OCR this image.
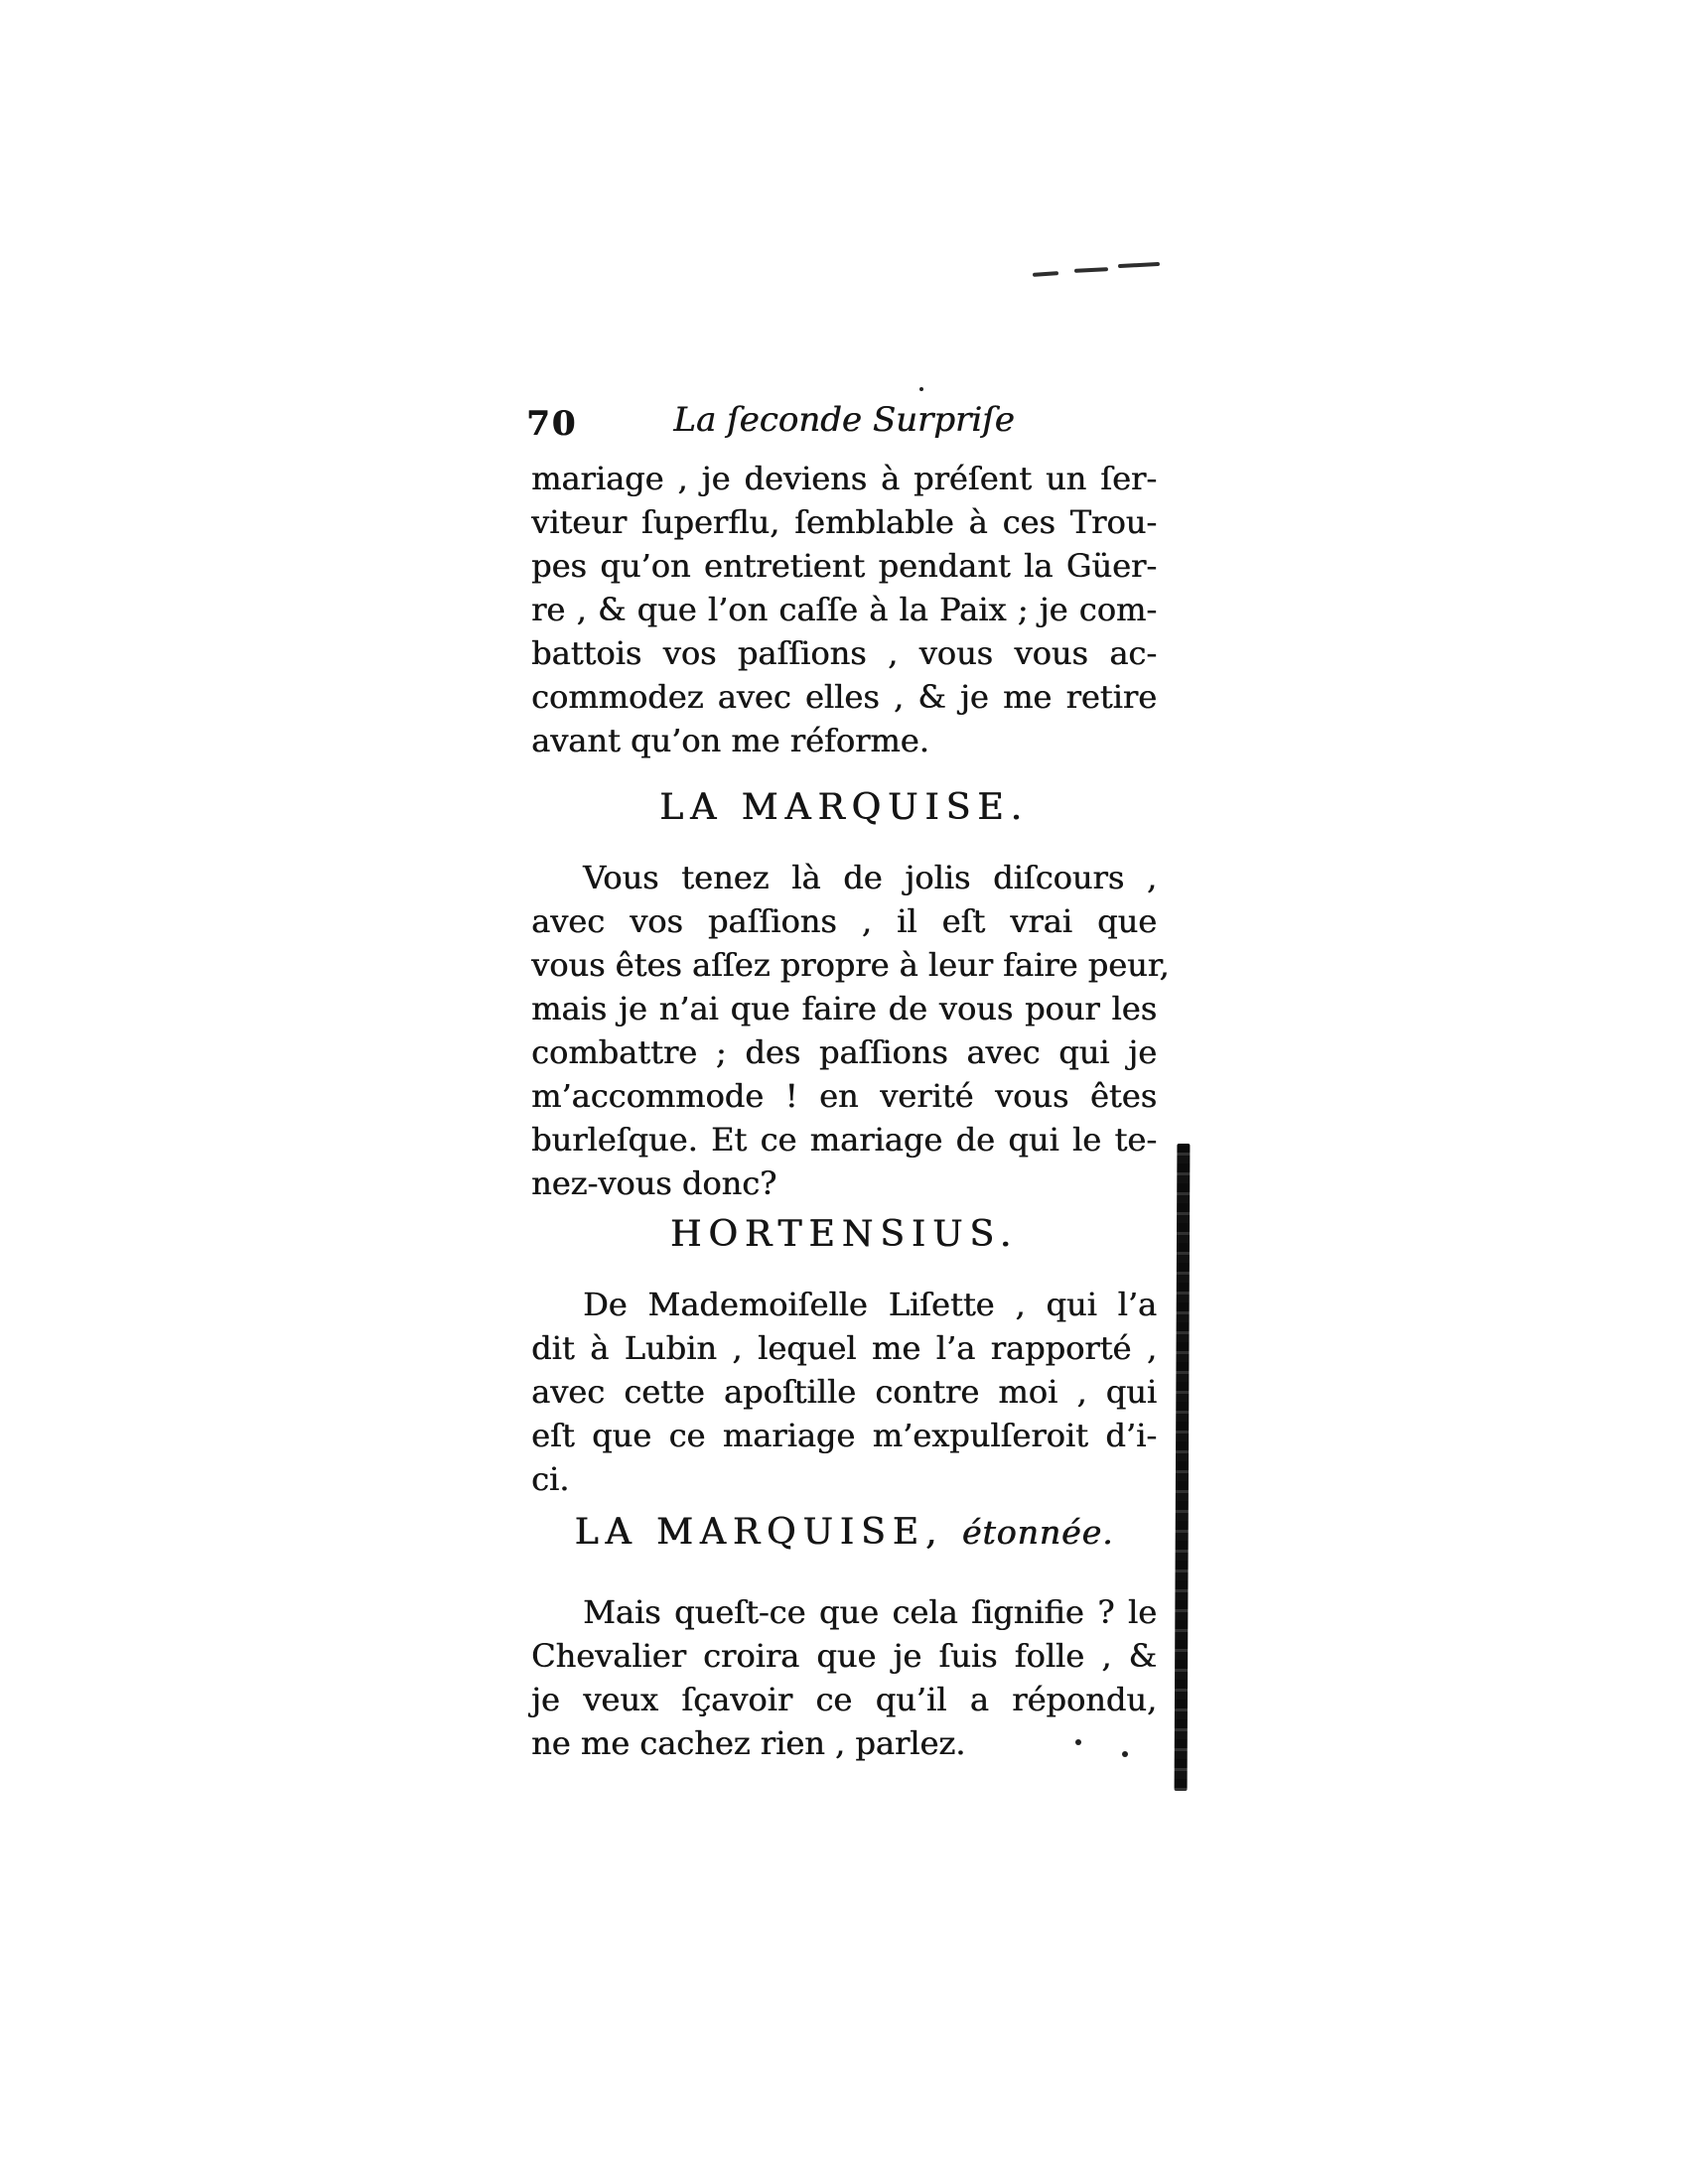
70	La ſeconde Surpriſe
mariage , je deviens à préſent un ſer-
viteur ſuperflu, ſemblable à ces Trou-
pes qu’on entretient pendant la Güer-
re , & que l’on caſſe à la Paix ; je com-
battois vos paſſions , vous vous ac-
commodez avec elles , & je me retire
avant qu’on me réforme.
LA MARQUISE.
Vous tenez là de jolis diſcours ,
avec vos paſſions , il eſt vrai que
vous êtes aſſez propre à leur faire peur,
mais je n’ai que faire de vous pour les
combattre ; des paſſions avec qui je
m’accommode ! en verité vous êtes
burleſque. Et ce mariage de qui le te-
nez-vous donc?
HORTENSIUS.
De Mademoiſelle Liſette , qui l’a
dit à Lubin , lequel me l’a rapporté ,
avec cette apoſtille contre moi , qui
eſt que ce mariage m’expulſeroit d’i-
ci.
LA MARQUISE, étonnée.
Mais queſt-ce que cela ſignifie ? le
Chevalier croira que je ſuis folle , &
je veux ſçavoir ce qu’il a répondu,
ne me cachez rien , parlez.
